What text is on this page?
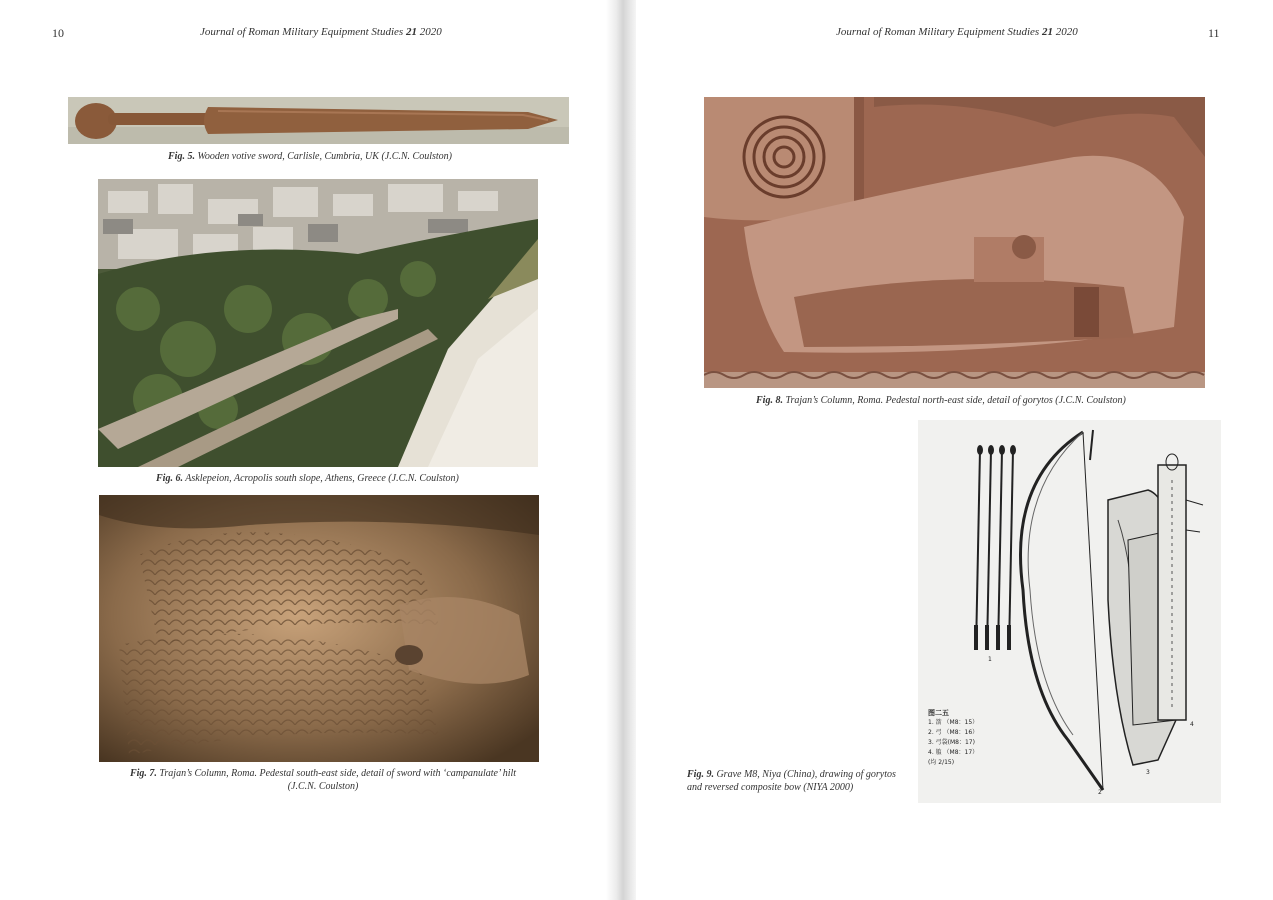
10	Journal of Roman Military Equipment Studies 21 2020
Fig. 5. Wooden votive sword, Carlisle, Cumbria, UK (J.C.N. Coulston)
Fig. 6. Asklepeion, Acropolis south slope, Athens, Greece (J.C.N. Coulston)
Fig. 7. Trajan’s Column, Roma. Pedestal south-east side, detail of sword with ‘campanulate’ hilt
(J.C.N. Coulston)
Journal of Roman Military Equipment Studies 21 2020	11
Fig. 8. Trajan’s Column, Roma. Pedestal north-east side, detail of gorytos (J.C.N. Coulston)
1
2
3
4
图二五
1. 箭 （M8：15）
2. 弓 （M8：16）
3. 弓袋(M8：17)
4. 箙 （M8：17）
(均 2/15)
Fig. 9. Grave M8, Niya (China), drawing of gorytos
and reversed composite bow (NIYA 2000)
